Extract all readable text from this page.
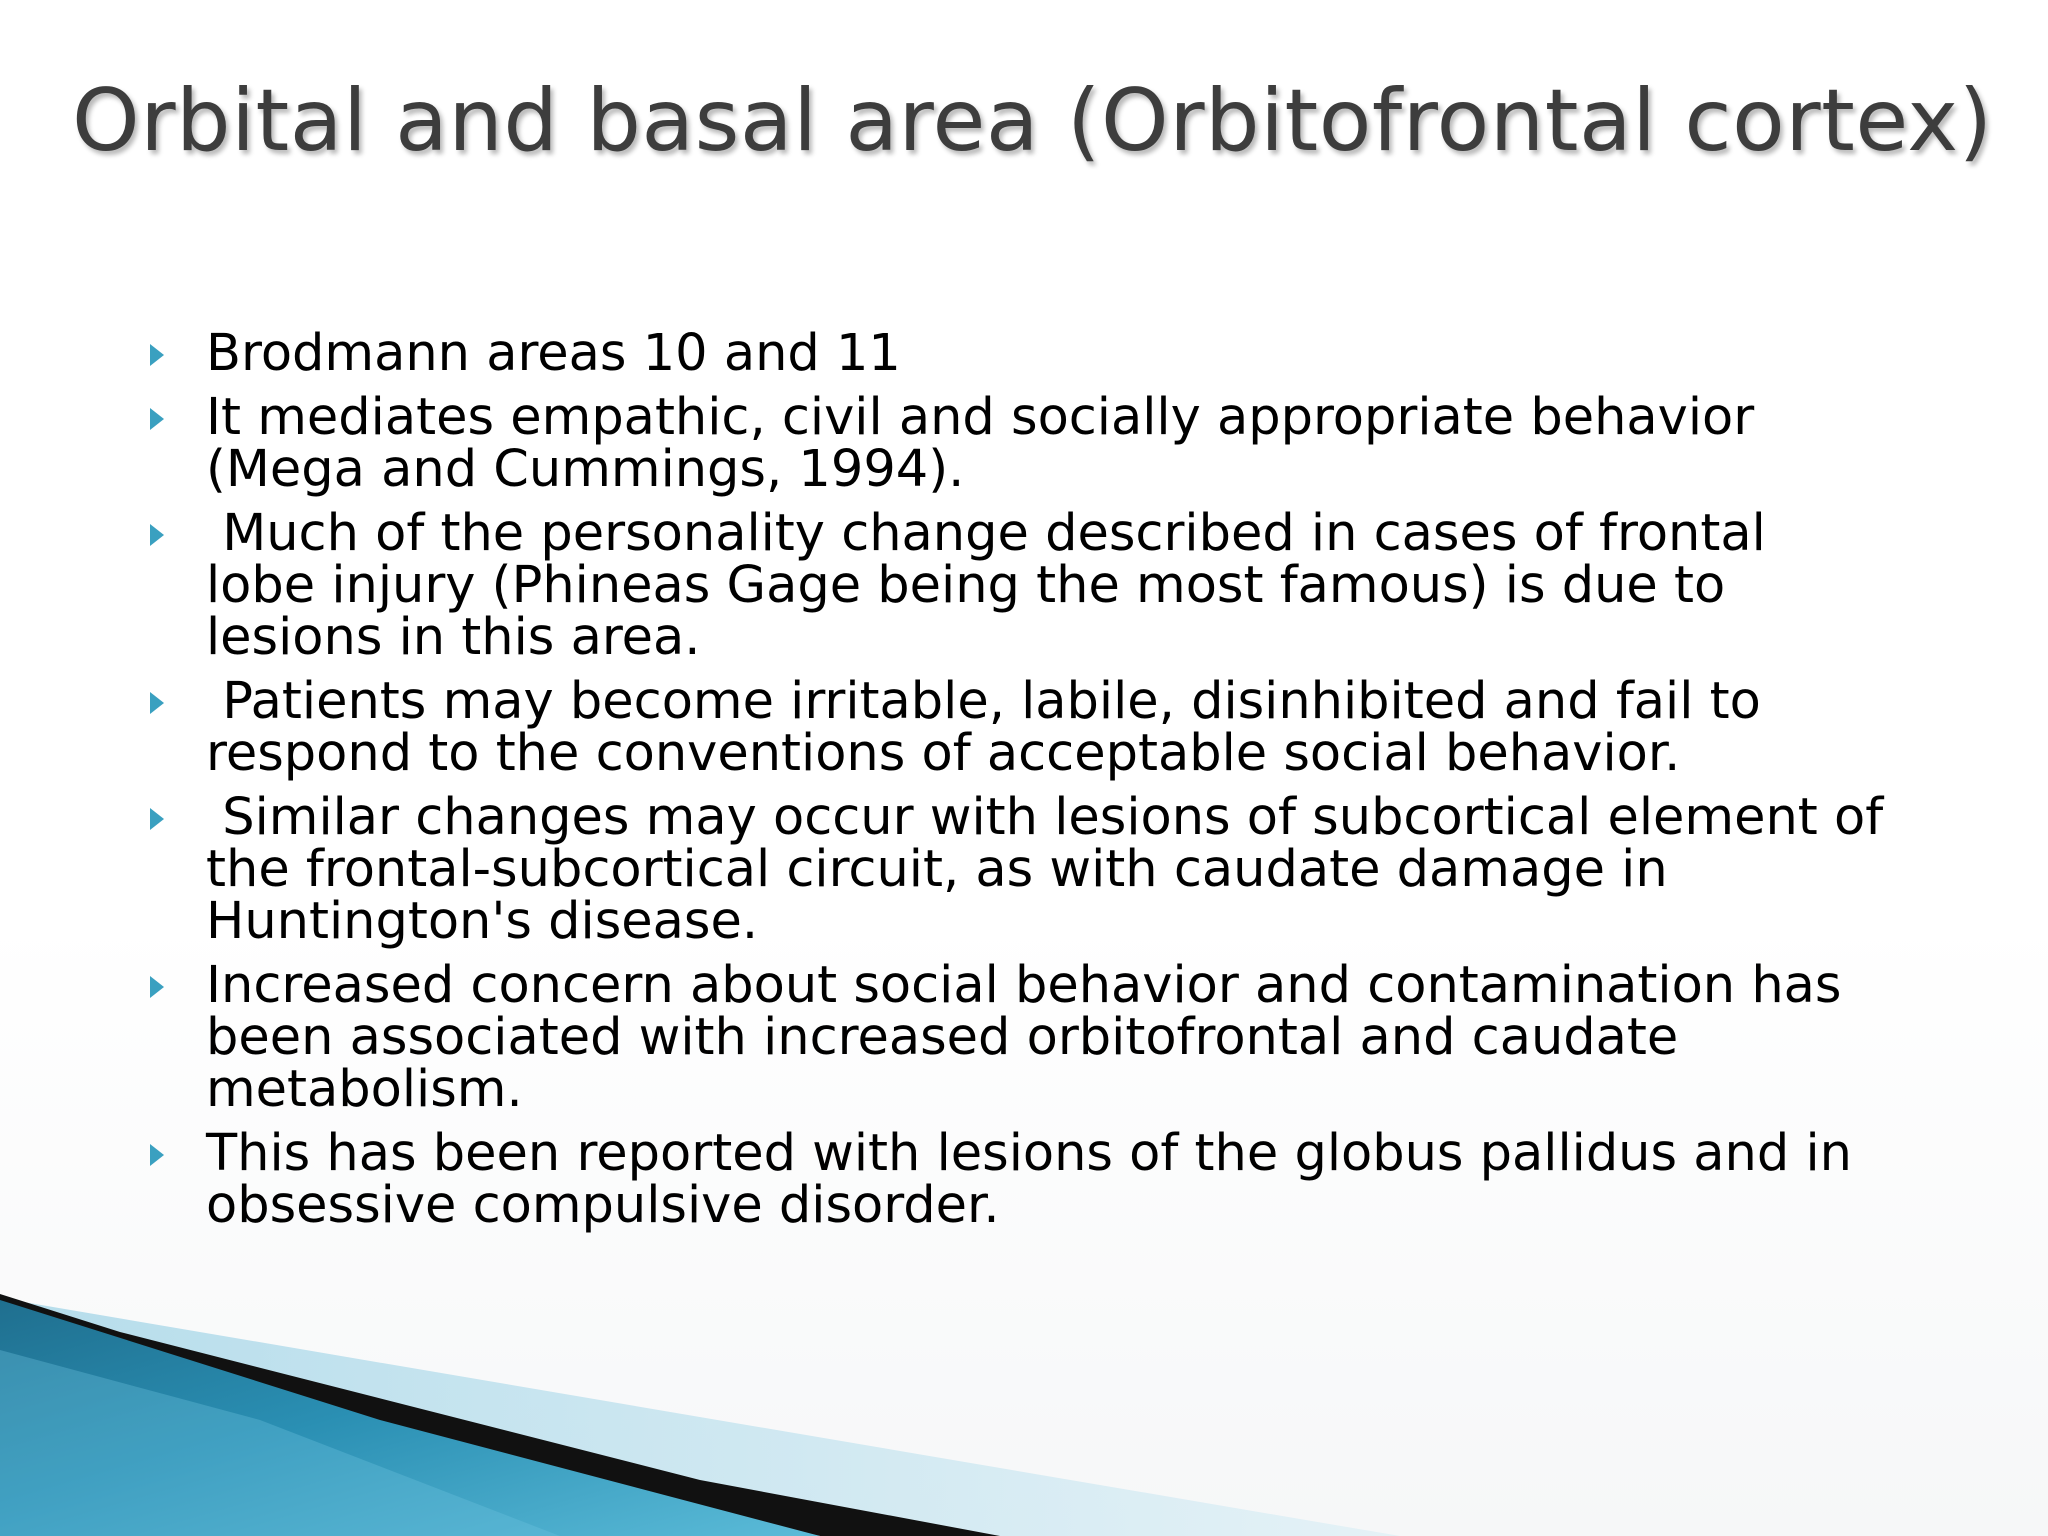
Orbital and basal area (Orbitofrontal cortex)
Brodmann areas 10 and 11
It mediates empathic, civil and socially appropriate behavior
(Mega and Cummings, 1994).
Much of the personality change described in cases of frontal
lobe injury (Phineas Gage being the most famous) is due to
lesions in this area.
Patients may become irritable, labile, disinhibited and fail to
respond to the conventions of acceptable social behavior.
Similar changes may occur with lesions of subcortical element of
the frontal-subcortical circuit, as with caudate damage in
Huntington's disease.
Increased concern about social behavior and contamination has
been associated with increased orbitofrontal and caudate
metabolism.
This has been reported with lesions of the globus pallidus and in
obsessive compulsive disorder.
